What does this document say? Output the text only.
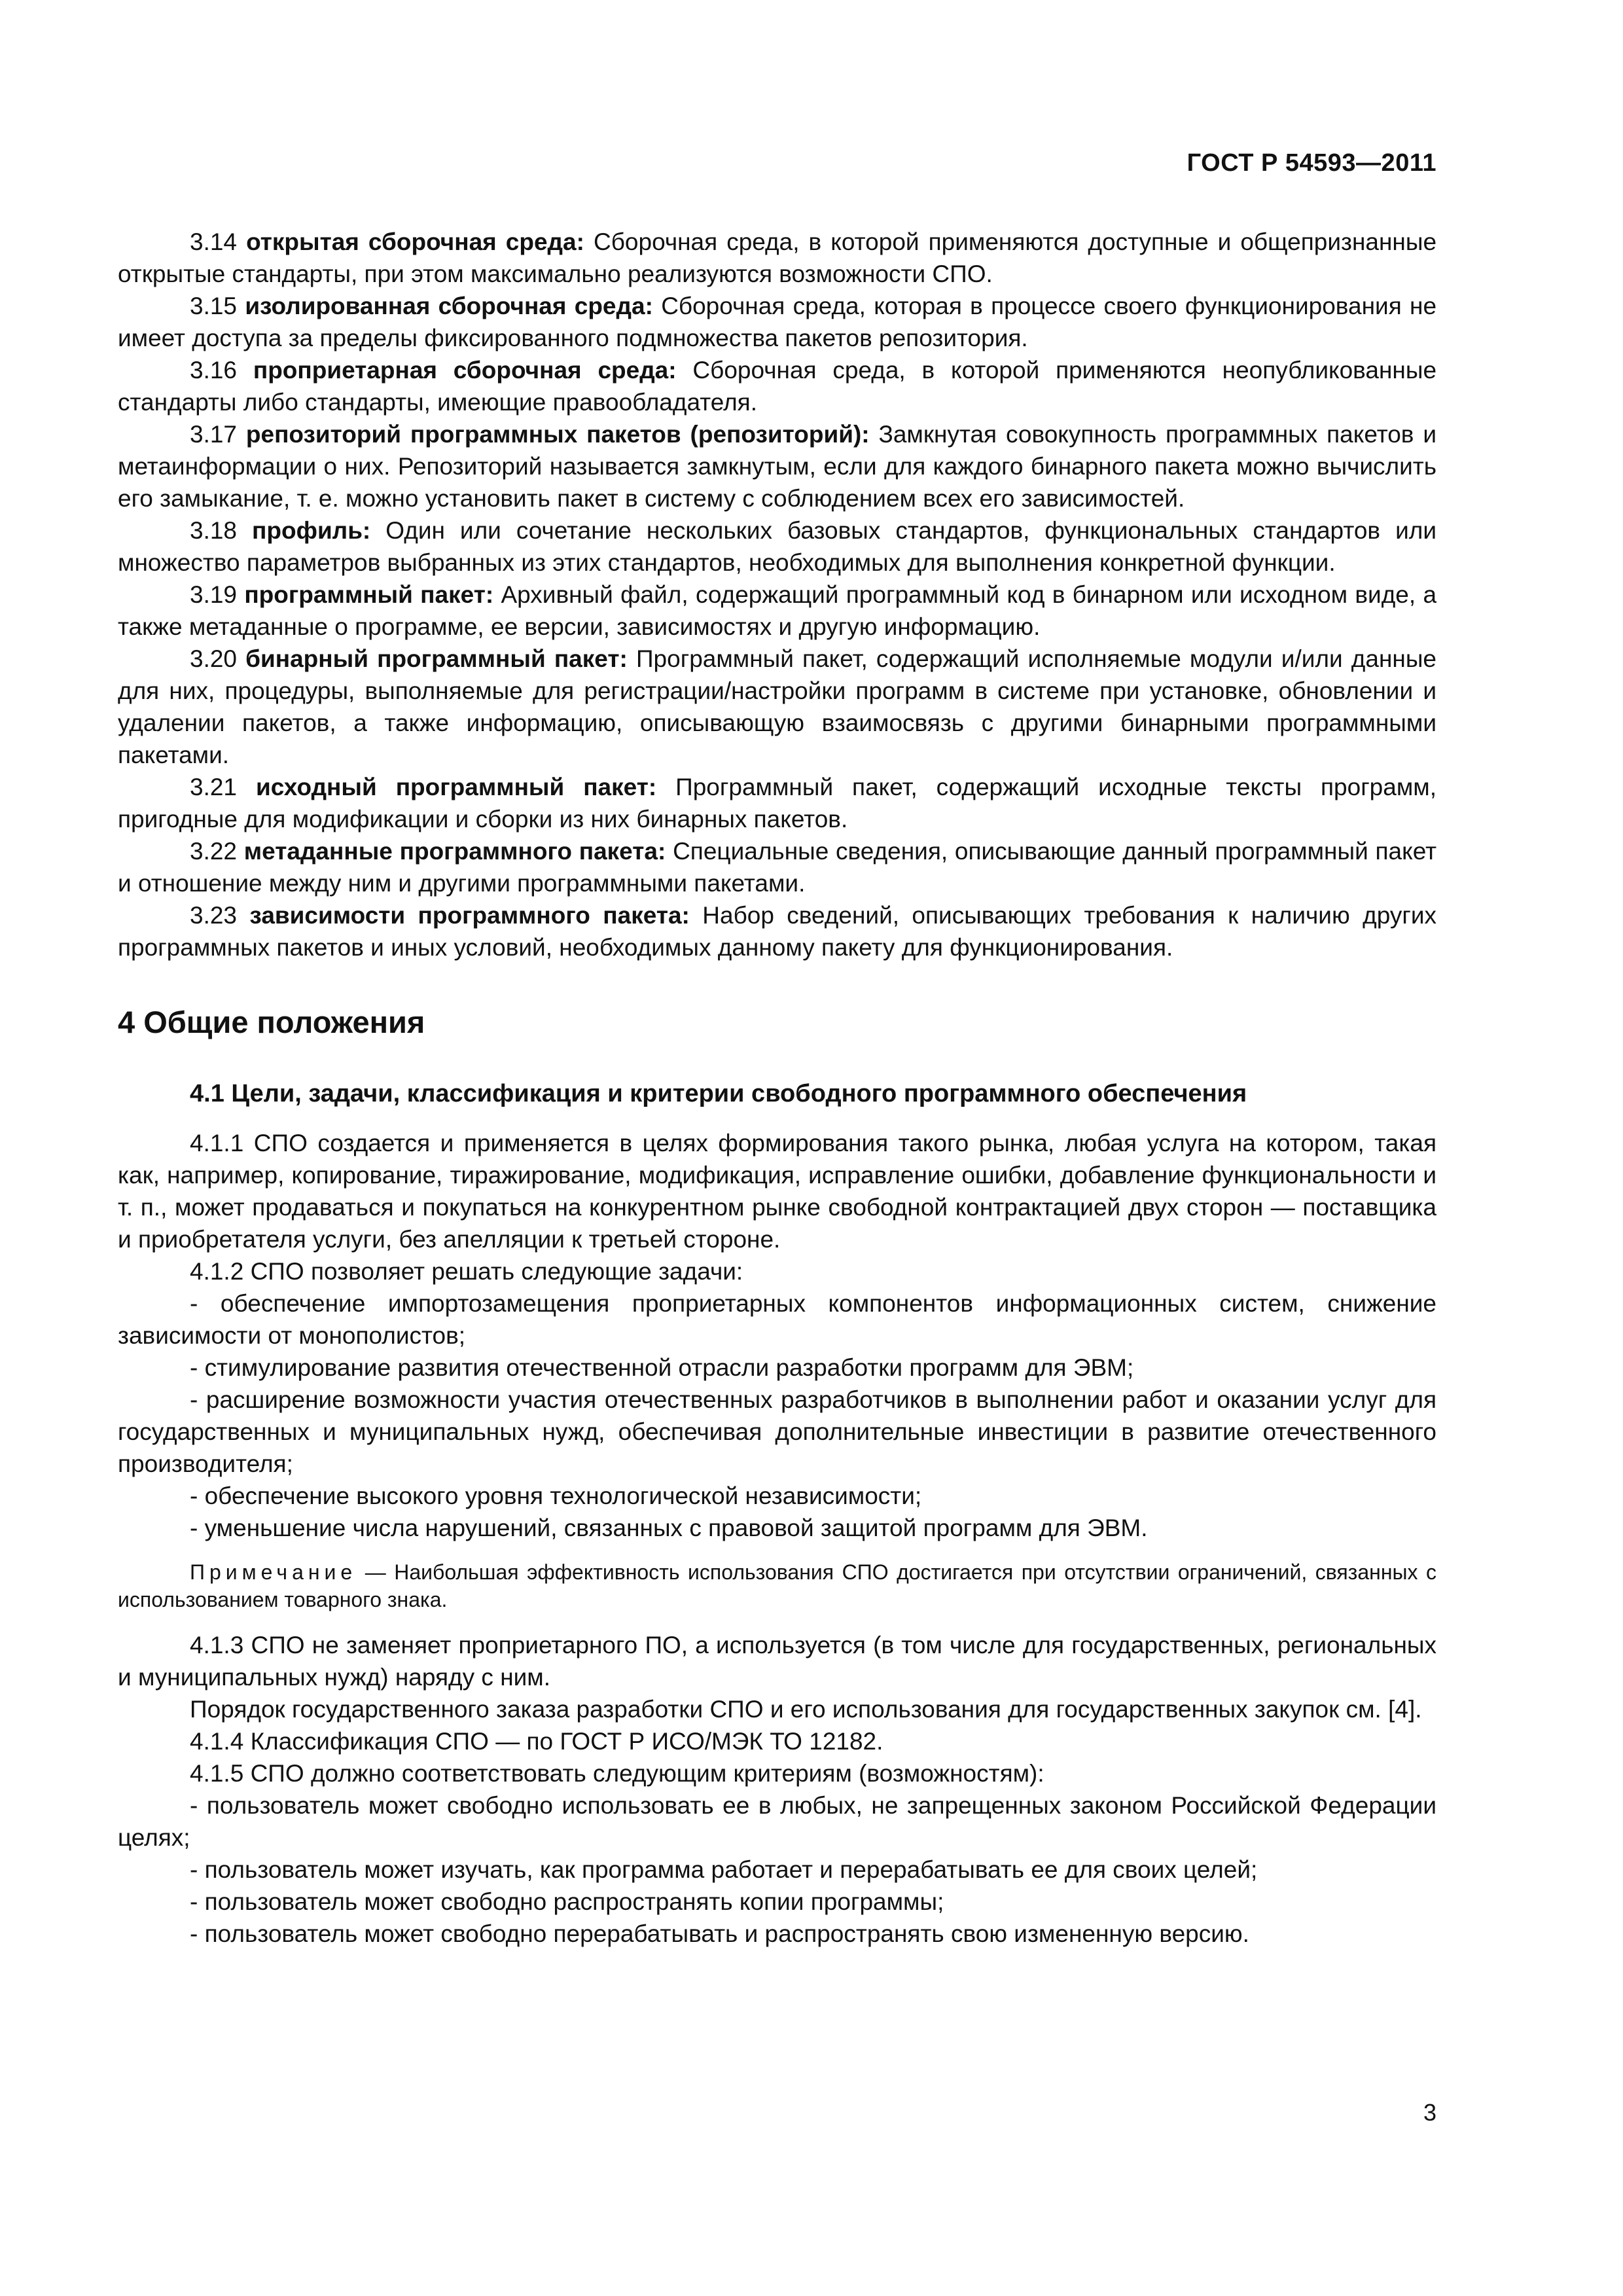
ГОСТ Р 54593—2011

3.14 открытая сборочная среда: Сборочная среда, в которой применяются доступные и общепризнанные открытые стандарты, при этом максимально реализуются возможности СПО.

3.15 изолированная сборочная среда: Сборочная среда, которая в процессе своего функционирования не имеет доступа за пределы фиксированного подмножества пакетов репозитория.

3.16 проприетарная сборочная среда: Сборочная среда, в которой применяются неопубликованные стандарты либо стандарты, имеющие правообладателя.

3.17 репозиторий программных пакетов (репозиторий): Замкнутая совокупность программных пакетов и метаинформации о них. Репозиторий называется замкнутым, если для каждого бинарного пакета можно вычислить его замыкание, т. е. можно установить пакет в систему с соблюдением всех его зависимостей.

3.18 профиль: Один или сочетание нескольких базовых стандартов, функциональных стандартов или множество параметров выбранных из этих стандартов, необходимых для выполнения конкретной функции.

3.19 программный пакет: Архивный файл, содержащий программный код в бинарном или исходном виде, а также метаданные о программе, ее версии, зависимостях и другую информацию.

3.20 бинарный программный пакет: Программный пакет, содержащий исполняемые модули и/или данные для них, процедуры, выполняемые для регистрации/настройки программ в системе при установке, обновлении и удалении пакетов, а также информацию, описывающую взаимосвязь с другими бинарными программными пакетами.

3.21 исходный программный пакет: Программный пакет, содержащий исходные тексты программ, пригодные для модификации и сборки из них бинарных пакетов.

3.22 метаданные программного пакета: Специальные сведения, описывающие данный программный пакет и отношение между ним и другими программными пакетами.

3.23 зависимости программного пакета: Набор сведений, описывающих требования к наличию других программных пакетов и иных условий, необходимых данному пакету для функционирования.

4 Общие положения
4.1 Цели, задачи, классификация и критерии свободного программного обеспечения

4.1.1 СПО создается и применяется в целях формирования такого рынка, любая услуга на котором, такая как, например, копирование, тиражирование, модификация, исправление ошибки, добавление функциональности и т. п., может продаваться и покупаться на конкурентном рынке свободной контрактацией двух сторон — поставщика и приобретателя услуги, без апелляции к третьей стороне.

4.1.2 СПО позволяет решать следующие задачи:

- обеспечение импортозамещения проприетарных компонентов информационных систем, снижение зависимости от монополистов;

- стимулирование развития отечественной отрасли разработки программ для ЭВМ;

- расширение возможности участия отечественных разработчиков в выполнении работ и оказании услуг для государственных и муниципальных нужд, обеспечивая дополнительные инвестиции в развитие отечественного производителя;

- обеспечение высокого уровня технологической независимости;

- уменьшение числа нарушений, связанных с правовой защитой программ для ЭВМ.

Примечание — Наибольшая эффективность использования СПО достигается при отсутствии ограничений, связанных с использованием товарного знака.

4.1.3 СПО не заменяет проприетарного ПО, а используется (в том числе для государственных, региональных и муниципальных нужд) наряду с ним.

Порядок государственного заказа разработки СПО и его использования для государственных закупок см. [4].

4.1.4 Классификация СПО — по ГОСТ Р ИСО/МЭК ТО 12182.

4.1.5 СПО должно соответствовать следующим критериям (возможностям):

- пользователь может свободно использовать ее в любых, не запрещенных законом Российской Федерации целях;

- пользователь может изучать, как программа работает и перерабатывать ее для своих целей;

- пользователь может свободно распространять копии программы;

- пользователь может свободно перерабатывать и распространять свою измененную версию.

3
